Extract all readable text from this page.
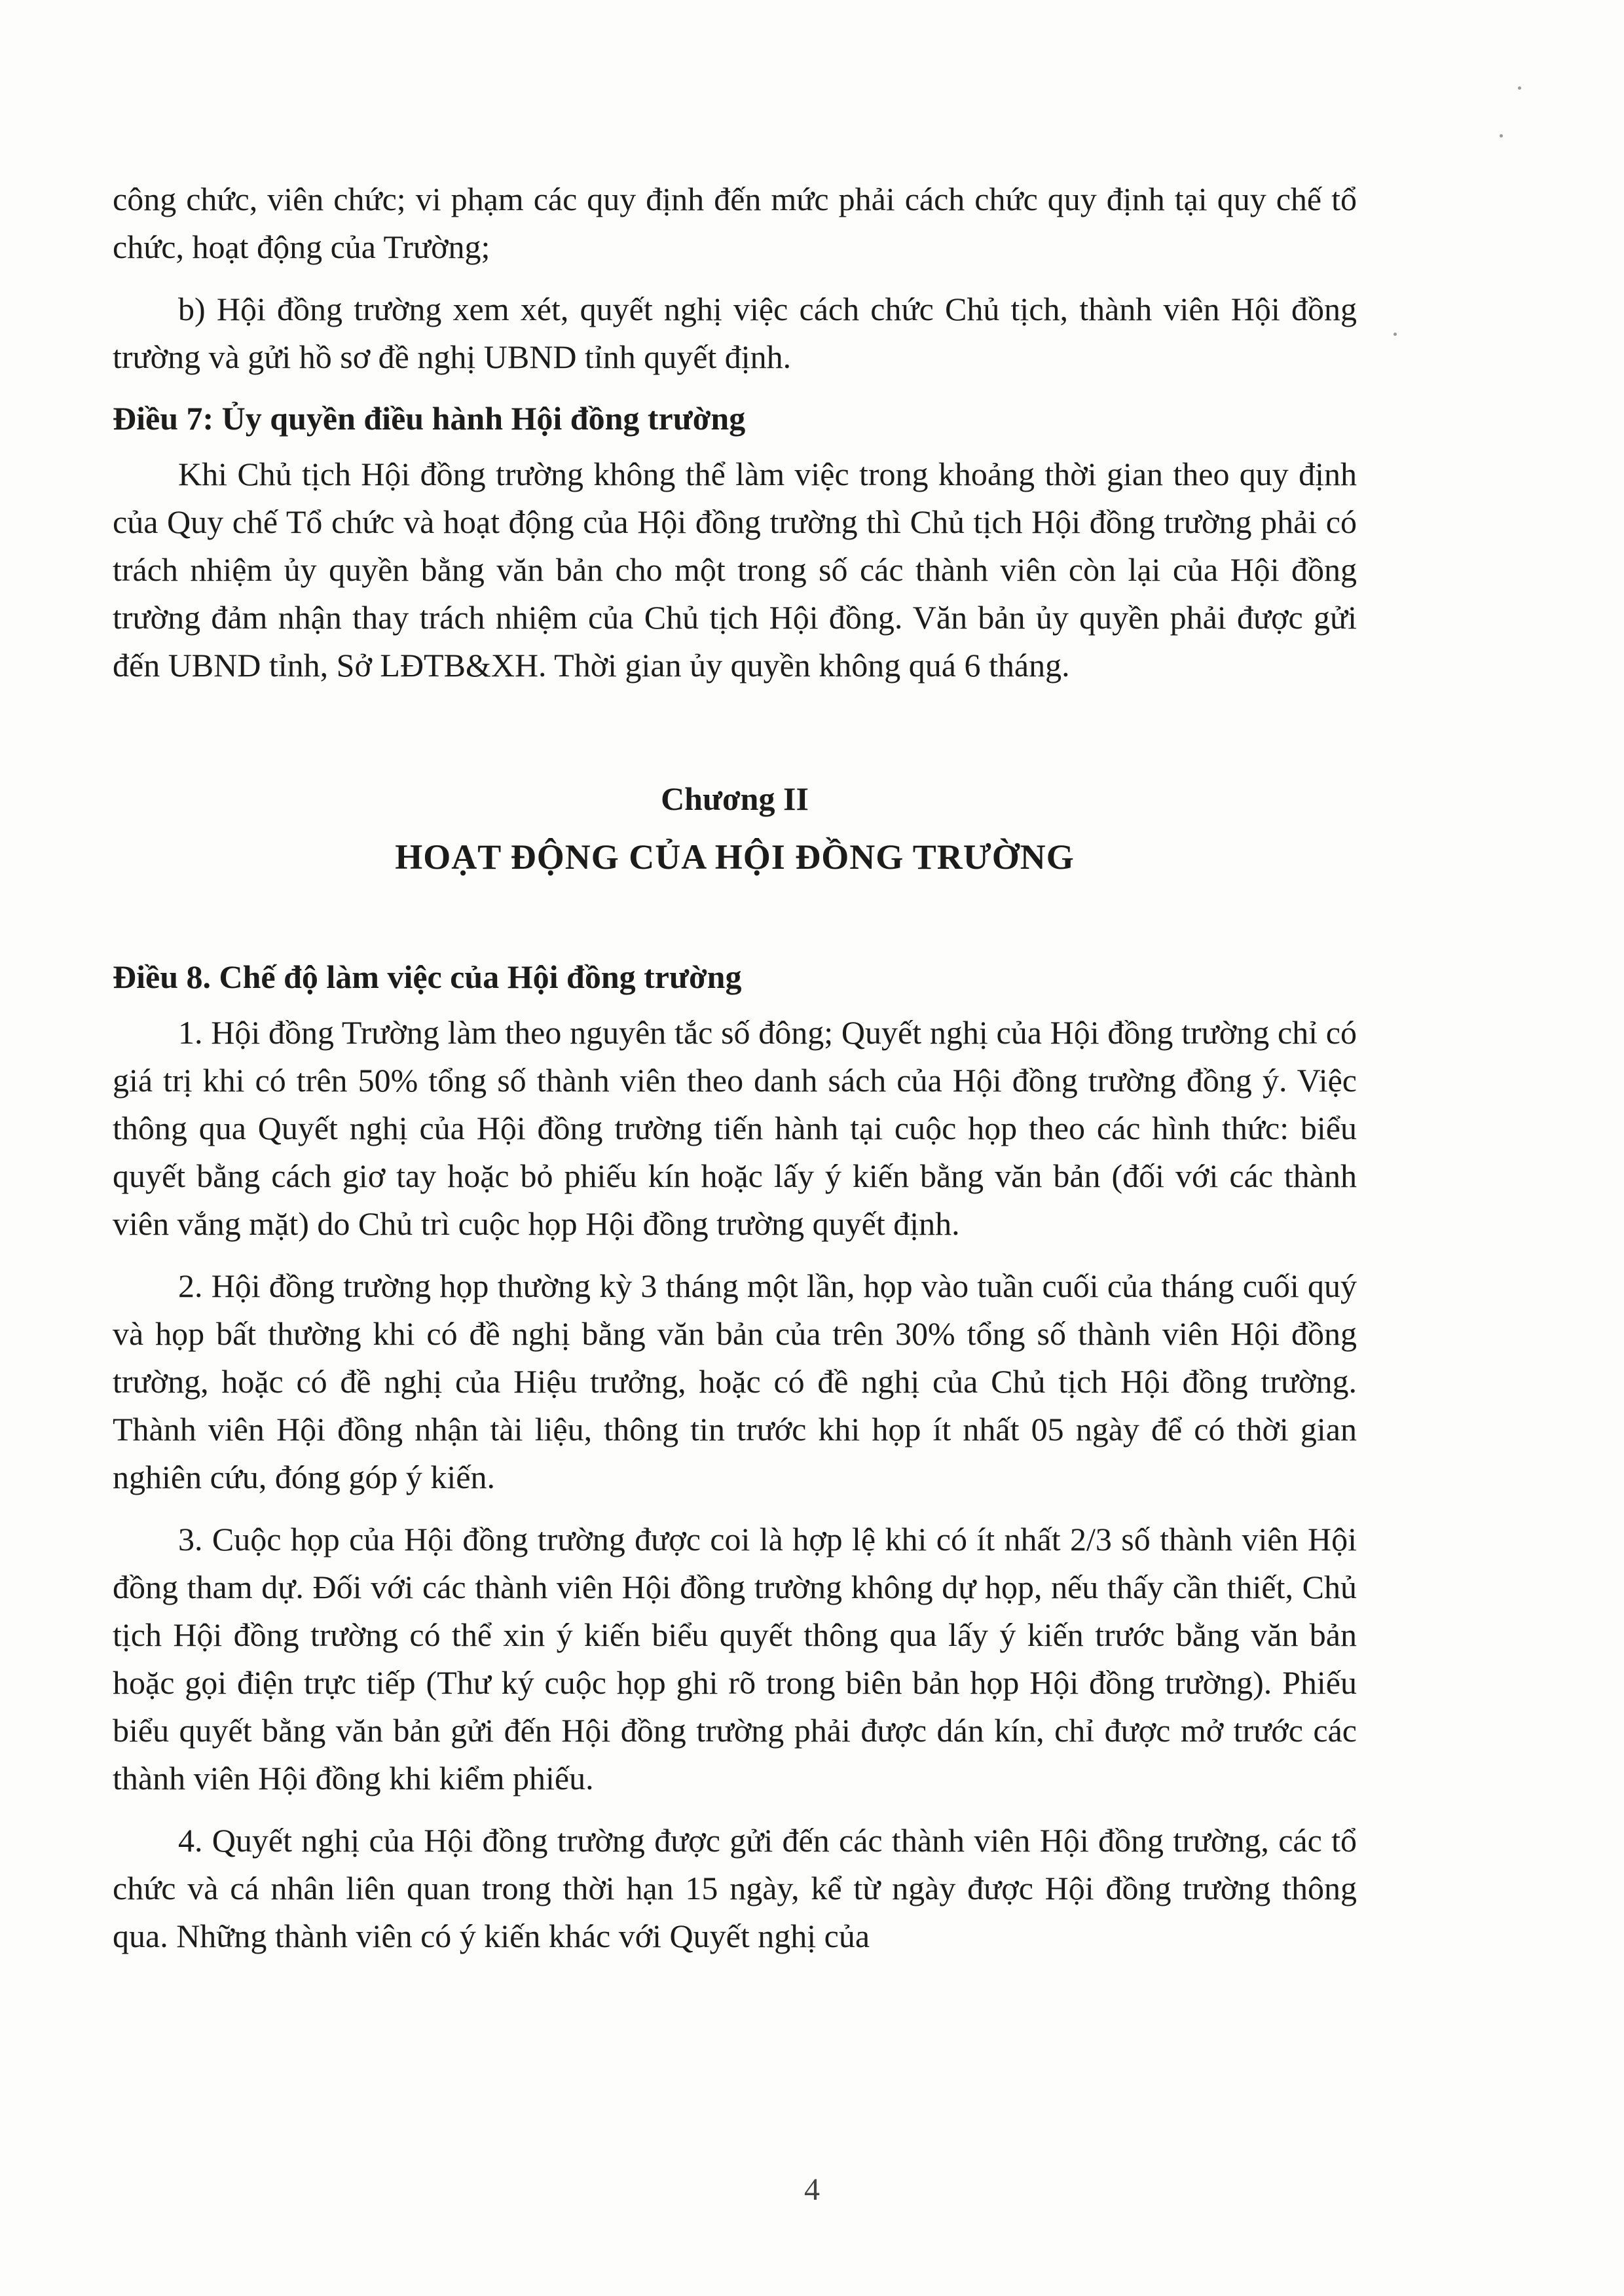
công chức, viên chức; vi phạm các quy định đến mức phải cách chức quy định tại quy chế tổ chức, hoạt động của Trường;

b) Hội đồng trường xem xét, quyết nghị việc cách chức Chủ tịch, thành viên Hội đồng trường và gửi hồ sơ đề nghị UBND tỉnh quyết định.

Điều 7: Ủy quyền điều hành Hội đồng trường

Khi Chủ tịch Hội đồng trường không thể làm việc trong khoảng thời gian theo quy định của Quy chế Tổ chức và hoạt động của Hội đồng trường thì Chủ tịch Hội đồng trường phải có trách nhiệm ủy quyền bằng văn bản cho một trong số các thành viên còn lại của Hội đồng trường đảm nhận thay trách nhiệm của Chủ tịch Hội đồng. Văn bản ủy quyền phải được gửi đến UBND tỉnh, Sở LĐTB&XH. Thời gian ủy quyền không quá 6 tháng.

Chương II
HOẠT ĐỘNG CỦA HỘI ĐỒNG TRƯỜNG
Điều 8. Chế độ làm việc của Hội đồng trường

1. Hội đồng Trường làm theo nguyên tắc số đông; Quyết nghị của Hội đồng trường chỉ có giá trị khi có trên 50% tổng số thành viên theo danh sách của Hội đồng trường đồng ý. Việc thông qua Quyết nghị của Hội đồng trường tiến hành tại cuộc họp theo các hình thức: biểu quyết bằng cách giơ tay hoặc bỏ phiếu kín hoặc lấy ý kiến bằng văn bản (đối với các thành viên vắng mặt) do Chủ trì cuộc họp Hội đồng trường quyết định.

2. Hội đồng trường họp thường kỳ 3 tháng một lần, họp vào tuần cuối của tháng cuối quý và họp bất thường khi có đề nghị bằng văn bản của trên 30% tổng số thành viên Hội đồng trường, hoặc có đề nghị của Hiệu trưởng, hoặc có đề nghị của Chủ tịch Hội đồng trường. Thành viên Hội đồng nhận tài liệu, thông tin trước khi họp ít nhất 05 ngày để có thời gian nghiên cứu, đóng góp ý kiến.

3. Cuộc họp của Hội đồng trường được coi là hợp lệ khi có ít nhất 2/3 số thành viên Hội đồng tham dự. Đối với các thành viên Hội đồng trường không dự họp, nếu thấy cần thiết, Chủ tịch Hội đồng trường có thể xin ý kiến biểu quyết thông qua lấy ý kiến trước bằng văn bản hoặc gọi điện trực tiếp (Thư ký cuộc họp ghi rõ trong biên bản họp Hội đồng trường). Phiếu biểu quyết bằng văn bản gửi đến Hội đồng trường phải được dán kín, chỉ được mở trước các thành viên Hội đồng khi kiểm phiếu.

4. Quyết nghị của Hội đồng trường được gửi đến các thành viên Hội đồng trường, các tổ chức và cá nhân liên quan trong thời hạn 15 ngày, kể từ ngày được Hội đồng trường thông qua. Những thành viên có ý kiến khác với Quyết nghị của

4
